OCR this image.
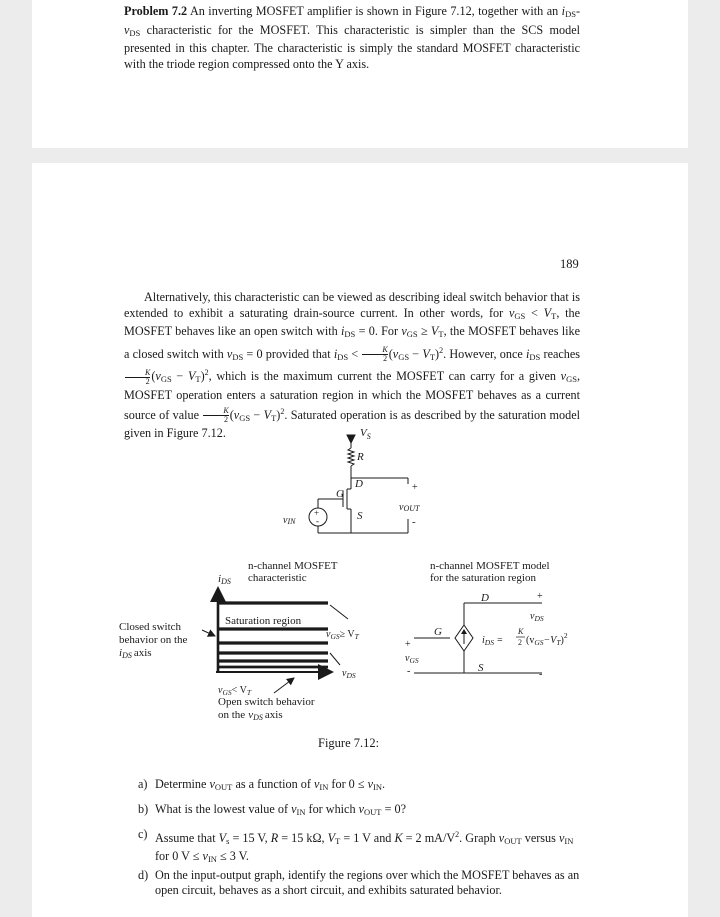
Problem 7.2 An inverting MOSFET amplifier is shown in Figure 7.12, together with an $i_{DS}-v_{DS}$ characteristic for the MOSFET. This characteristic is simpler than the SCS model presented in this chapter. The characteristic is simply the standard MOSFET characteristic with the triode region compressed onto the Y axis.
189
Alternatively, this characteristic can be viewed as describing ideal switch behavior that is extended to exhibit a saturating drain-source current. In other words, for $v_{GS} < V_T$, the MOSFET behaves like an open switch with $i_{DS} = 0$. For $v_{GS} \ge V_T$, the MOSFET behaves like a closed switch with $v_{DS} = 0$ provided that $i_{DS} < \frac{K}{2} (v_{GS} - V_T)^2$. However, once $i_{DS}$ reaches
$\frac{K}{2} (v_{GS} - V_T)^2$, which is the maximum current the MOSFET can carry for a given $v_{GS}$, MOSFET operation enters a saturation region in which the MOSFET behaves as a current source of value $\frac{K}{2} (v_{GS} - V_T)^2$. Saturated operation is as described by the saturation model given in Figure 7.12.	$V_S$
R
D
G
S
+
-
vOUT
vIN
+
-
n-channel MOSFET
characteristic
iDS
Saturation region
$v_{GS}\ge V_T$
$v_{DS}$
Closed switch
behavior on the
iDS axis
$v_{GS}< V_T$
Open switch behavior
on the vDS axis
n-channel MOSFET model
for the saturation region
D
G
S
+
-
$v_{DS}$
+
-
$v_{GS}$
$i_{DS}$ =
K
2 $(v_{GS}-V_T)^2$
Figure 7.12:
a) Determine $v_{OUT}$ as a function of $v_{IN}$ for $0 \le v_{IN}$.
b) What is the lowest value of $v_{IN}$ for which $v_{OUT} = 0$?
c) Assume that $V_s = 15$ V, R = 15 kΩ, $V_T = 1$ V and K = 2 $mA/V^2$. Graph $v_{OUT}$ versus $v_{IN}$ for 0 $V \le v_{IN} \le 3$ V.
d) On the input-output graph, identify the regions over which the MOSFET behaves as an open circuit, behaves as a short circuit, and exhibits saturated behavior.
